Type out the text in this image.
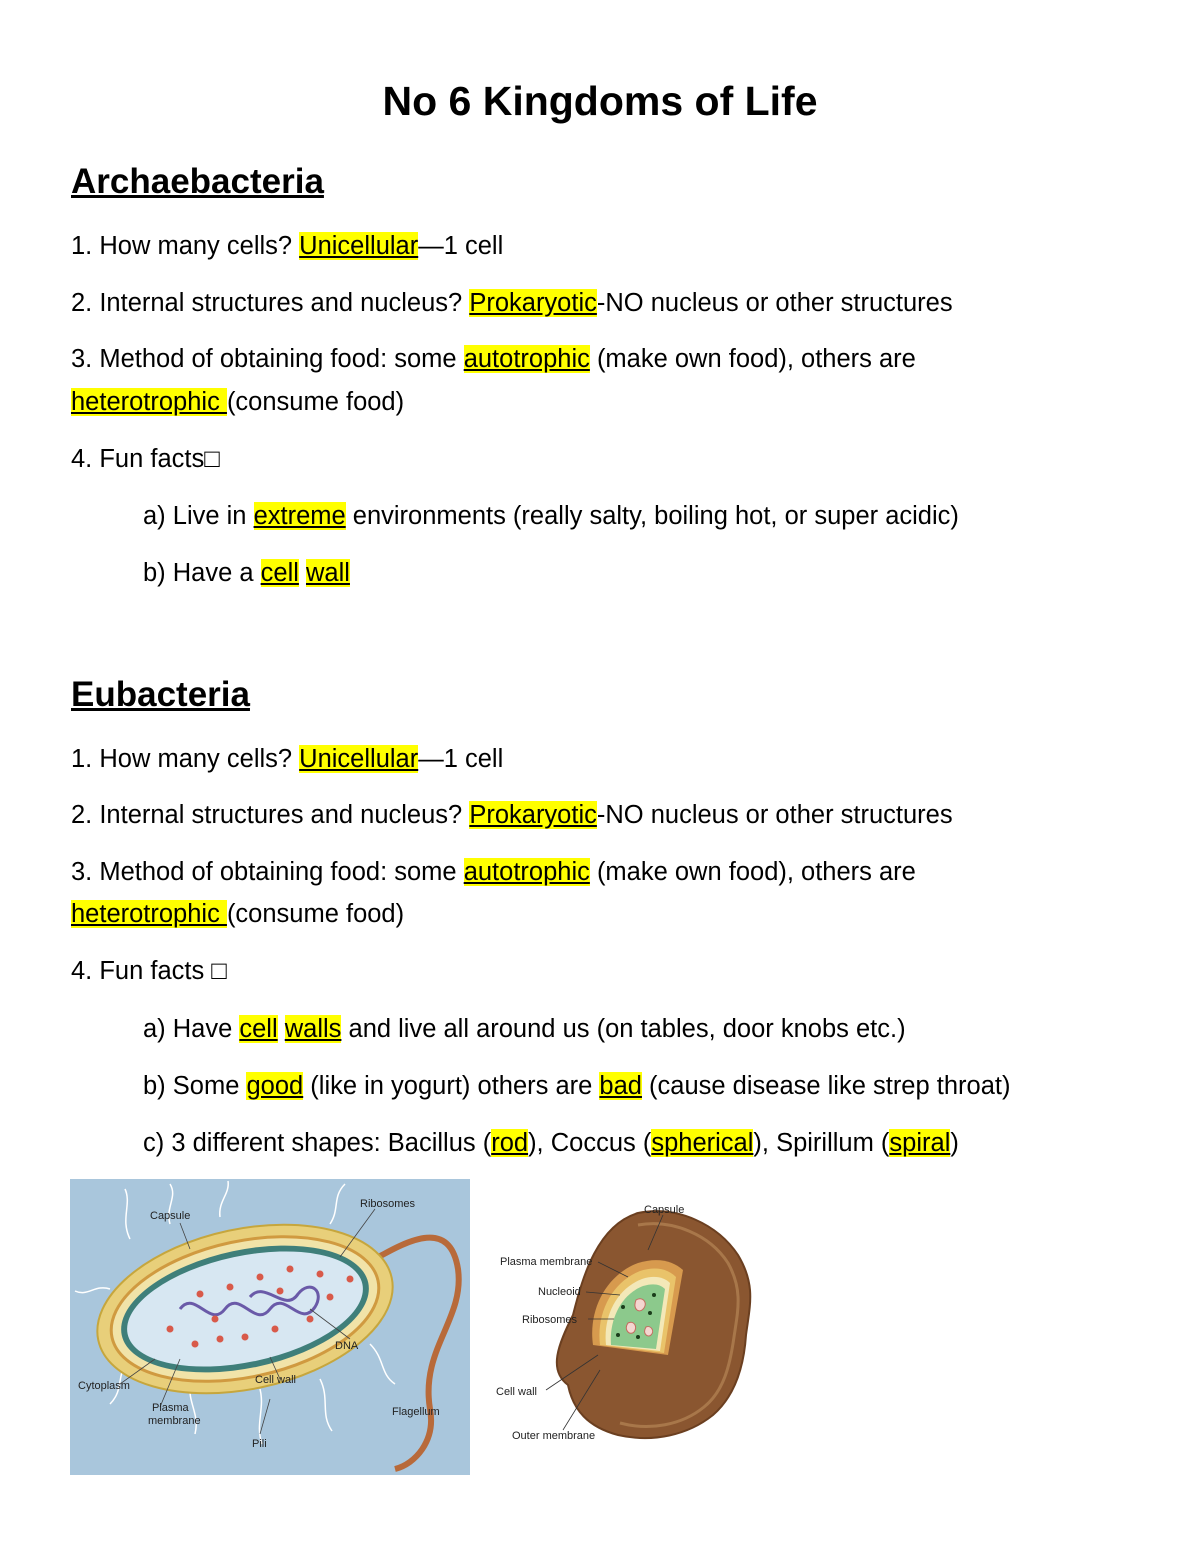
No 6 Kingdoms of Life
Archaebacteria

1. How many cells? Unicellular—1 cell

2. Internal structures and nucleus? Prokaryotic-NO nucleus or other structures

3. Method of obtaining food: some autotrophic (make own food), others are

heterotrophic (consume food)

4. Fun facts□

a) Live in extreme environments (really salty, boiling hot, or super acidic)

b) Have a cell wall

Eubacteria

1. How many cells? Unicellular—1 cell

2. Internal structures and nucleus? Prokaryotic-NO nucleus or other structures

3. Method of obtaining food: some autotrophic (make own food), others are

heterotrophic (consume food)

4. Fun facts □

a) Have cell walls and live all around us (on tables, door knobs etc.)

b) Some good (like in yogurt) others are bad (cause disease like strep throat)

c) 3 different shapes: Bacillus (rod), Coccus (spherical), Spirillum (spiral)

Capsule
Ribosomes
DNA
Cytoplasm
Plasma
membrane
Cell wall
Pili
Flagellum
Capsule
Plasma membrane
Nucleoid
Ribosomes
Cell wall
Outer membrane
